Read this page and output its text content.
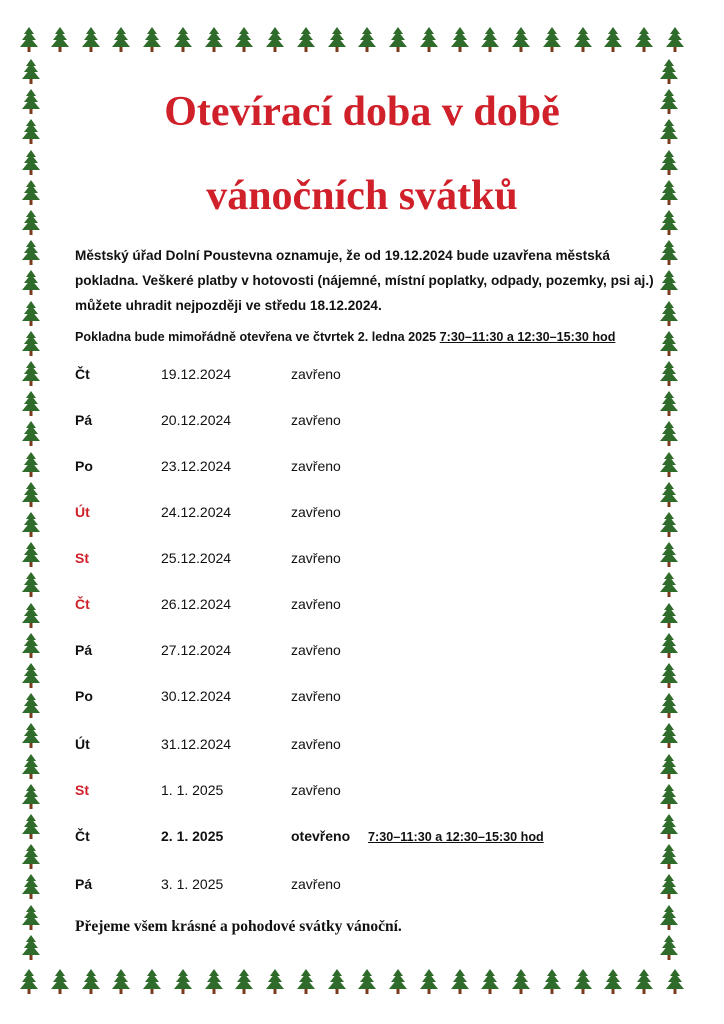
Otevírací doba v době
vánočních svátků

Městský úřad Dolní Poustevna oznamuje, že od 19.12.2024 bude uzavřena městská pokladna. Veškeré platby v hotovosti (nájemné, místní poplatky, odpady, pozemky, psi aj.) můžete uhradit nejpozději ve středu 18.12.2024.

Pokladna bude mimořádně otevřena ve čtvrtek 2. ledna 2025 7:30–11:30 a 12:30–15:30 hod

Čt	19.12.2024	zavřeno
Pá	20.12.2024	zavřeno
Po	23.12.2024	zavřeno
Út	24.12.2024	zavřeno
St	25.12.2024	zavřeno
Čt	26.12.2024	zavřeno
Pá	27.12.2024	zavřeno
Po	30.12.2024	zavřeno
Út	31.12.2024	zavřeno
St	1. 1. 2025	zavřeno
Čt	2. 1. 2025	otevřeno 7:30–11:30 a 12:30–15:30 hod
Pá	3. 1. 2025	zavřeno

Přejeme všem krásné a pohodové svátky vánoční.
